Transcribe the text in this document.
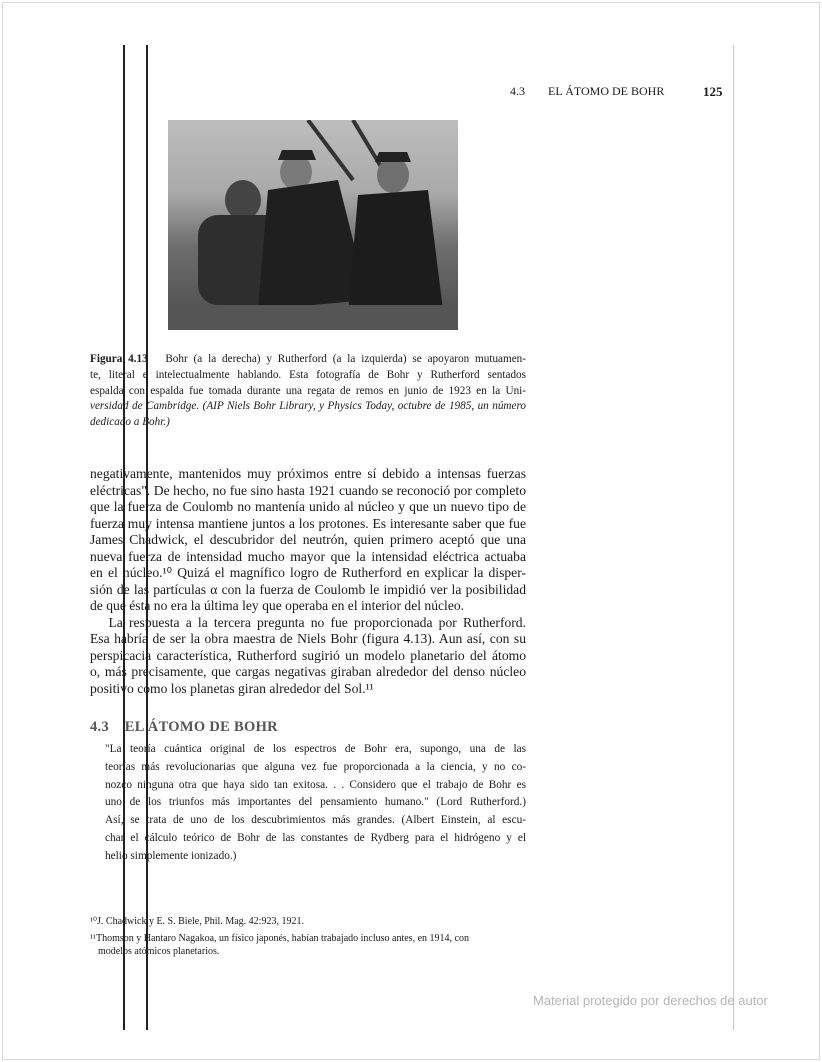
4.3 EL ÁTOMO DE BOHR	125
Figura 4.13 Bohr (a la derecha) y Rutherford (a la izquierda) se apoyaron mutuamen-
te, literal e intelectualmente hablando. Esta fotografía de Bohr y Rutherford sentados
espalda con espalda fue tomada durante una regata de remos en junio de 1923 en la Uni-
versidad de Cambridge. (AIP Niels Bohr Library, y Physics Today, octubre de 1985, un número
dedicado a Bohr.)
negativamente, mantenidos muy próximos entre sí debido a intensas fuerzas
eléctricas". De hecho, no fue sino hasta 1921 cuando se reconoció por completo
que la fuerza de Coulomb no mantenía unido al núcleo y que un nuevo tipo de
fuerza muy intensa mantiene juntos a los protones. Es interesante saber que fue
James Chadwick, el descubridor del neutrón, quien primero aceptó que una
nueva fuerza de intensidad mucho mayor que la intensidad eléctrica actuaba
en el núcleo.¹⁰ Quizá el magnífico logro de Rutherford en explicar la disper-
sión de las partículas α con la fuerza de Coulomb le impidió ver la posibilidad
de que ésta no era la última ley que operaba en el interior del núcleo.
La respuesta a la tercera pregunta no fue proporcionada por Rutherford.
Esa habría de ser la obra maestra de Niels Bohr (figura 4.13). Aun así, con su
perspicacia característica, Rutherford sugirió un modelo planetario del átomo
o, más precisamente, que cargas negativas giraban alrededor del denso núcleo
positivo como los planetas giran alrededor del Sol.¹¹
4.3 EL ÁTOMO DE BOHR
"La teoría cuántica original de los espectros de Bohr era, supongo, una de las
teorías más revolucionarias que alguna vez fue proporcionada a la ciencia, y no co-
nozco ninguna otra que haya sido tan exitosa. . . Considero que el trabajo de Bohr es
uno de los triunfos más importantes del pensamiento humano." (Lord Rutherford.)
Así, se trata de uno de los descubrimientos más grandes. (Albert Einstein, al escu-
char el cálculo teórico de Bohr de las constantes de Rydberg para el hidrógeno y el
helio simplemente ionizado.)
¹⁰J. Chadwick y E. S. Biele, Phil. Mag. 42:923, 1921.
¹¹Thomson y Hantaro Nagakoa, un físico japonés, habían trabajado incluso antes, en 1914, con
modelos atómicos planetarios.
Material protegido por derechos de autor
